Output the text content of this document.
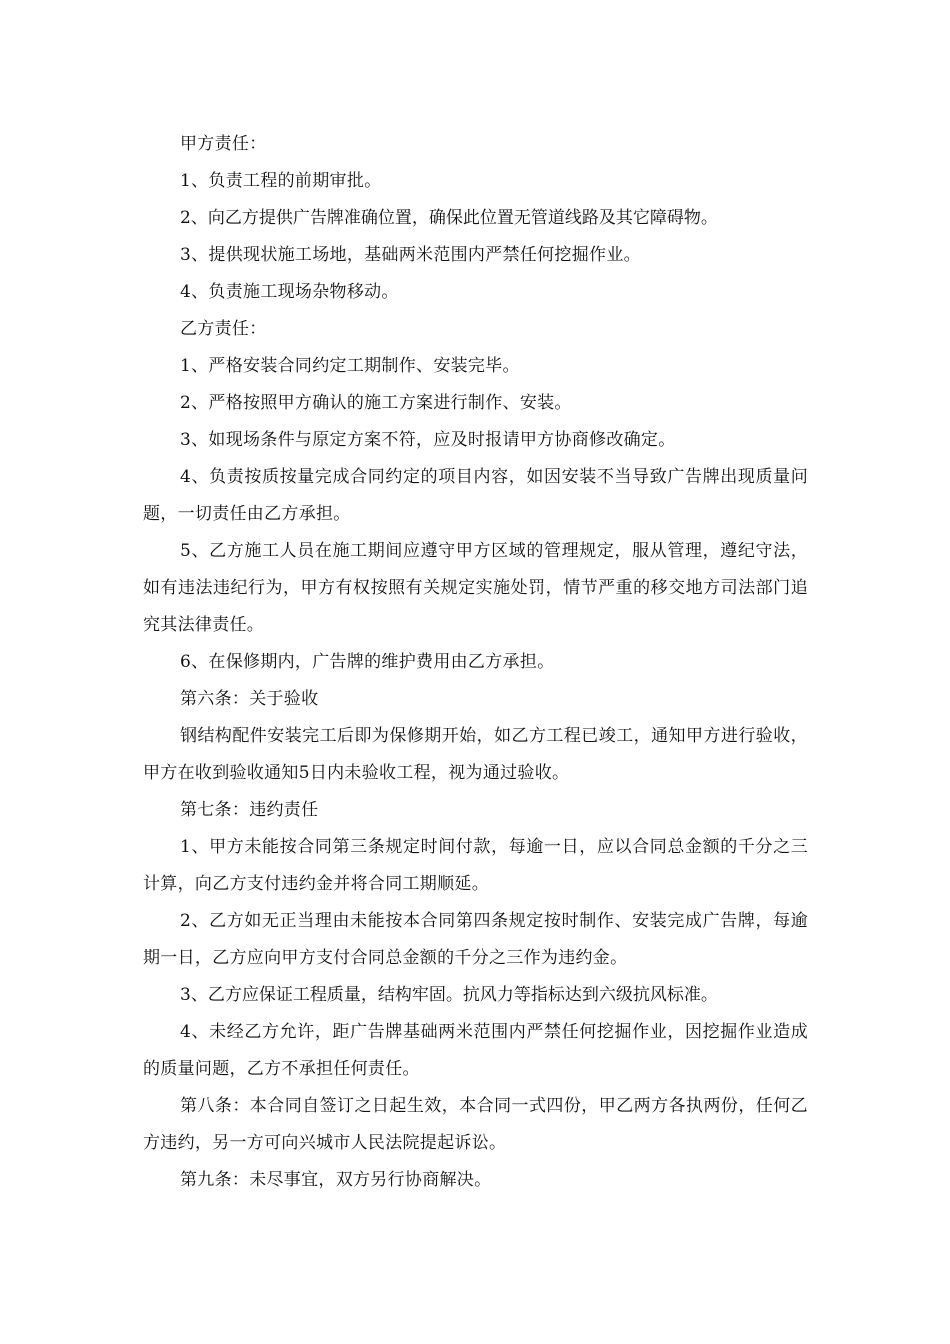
甲方责任：

1、负责工程的前期审批。

2、向乙方提供广告牌准确位置，确保此位置无管道线路及其它障碍物。

3、提供现状施工场地，基础两米范围内严禁任何挖掘作业。

4、负责施工现场杂物移动。

乙方责任：

1、严格安装合同约定工期制作、安装完毕。

2、严格按照甲方确认的施工方案进行制作、安装。

3、如现场条件与原定方案不符，应及时报请甲方协商修改确定。

4、负责按质按量完成合同约定的项目内容，如因安装不当导致广告牌出现质量问题，一切责任由乙方承担。

5、乙方施工人员在施工期间应遵守甲方区域的管理规定，服从管理，遵纪守法，如有违法违纪行为，甲方有权按照有关规定实施处罚，情节严重的移交地方司法部门追究其法律责任。

6、在保修期内，广告牌的维护费用由乙方承担。

第六条：关于验收

钢结构配件安装完工后即为保修期开始，如乙方工程已竣工，通知甲方进行验收，甲方在收到验收通知5日内未验收工程，视为通过验收。

第七条：违约责任

1、甲方未能按合同第三条规定时间付款，每逾一日，应以合同总金额的千分之三计算，向乙方支付违约金并将合同工期顺延。

2、乙方如无正当理由未能按本合同第四条规定按时制作、安装完成广告牌，每逾期一日，乙方应向甲方支付合同总金额的千分之三作为违约金。

3、乙方应保证工程质量，结构牢固。抗风力等指标达到六级抗风标准。

4、未经乙方允许，距广告牌基础两米范围内严禁任何挖掘作业，因挖掘作业造成的质量问题，乙方不承担任何责任。

第八条：本合同自签订之日起生效，本合同一式四份，甲乙两方各执两份，任何乙方违约，另一方可向兴城市人民法院提起诉讼。

第九条：未尽事宜，双方另行协商解决。
